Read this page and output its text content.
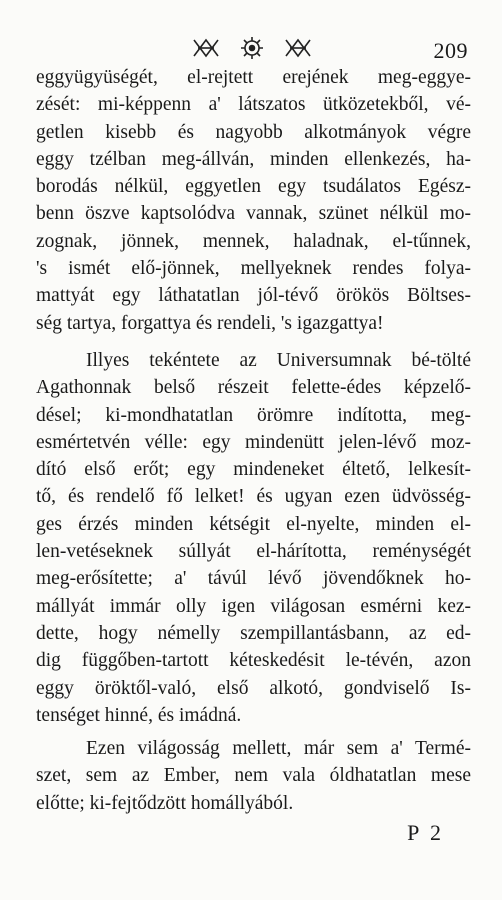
209
eggyügyüségét, el-rejtett erejének meg-eggye-
zését: mi-képpenn a' látszatos ütközetekből, vé-
getlen kisebb és nagyobb alkotmányok végre
eggy tzélban meg-állván, minden ellenkezés, ha-
borodás nélkül, eggyetlen egy tsudálatos Egész-
benn öszve kaptsolódva vannak, szünet nélkül mo-
zognak, jönnek, mennek, haladnak, el-tűnnek,
's ismét elő-jönnek, mellyeknek rendes folya-
mattyát egy láthatatlan jól-tévő örökös Böltses-
ség tartya, forgattya és rendeli, 's igazgattya!
Illyes tekéntete az Universumnak bé-tölté
Agathonnak belső részeit felette-édes képzelő-
désel; ki-mondhatatlan örömre indította, meg-
esmértetvén vélle: egy mindenütt jelen-lévő moz-
dító első erőt; egy mindeneket éltető, lelkesít-
tő, és rendelő fő lelket! és ugyan ezen üdvösség-
ges érzés minden kétségit el-nyelte, minden el-
len-vetéseknek súllyát el-hárította, reménységét
meg-erősítette; a' távúl lévő jövendőknek ho-
mállyát immár olly igen világosan esmérni kez-
dette, hogy némelly szempillantásbann, az ed-
dig függőben-tartott kéteskedésit le-tévén, azon
eggy öröktől-való, első alkotó, gondviselő Is-
tenséget hinné, és imádná.
Ezen világosság mellett, már sem a' Termé-
szet, sem az Ember, nem vala óldhatatlan mese
előtte; ki-fejtődzött homállyából.
P 2
